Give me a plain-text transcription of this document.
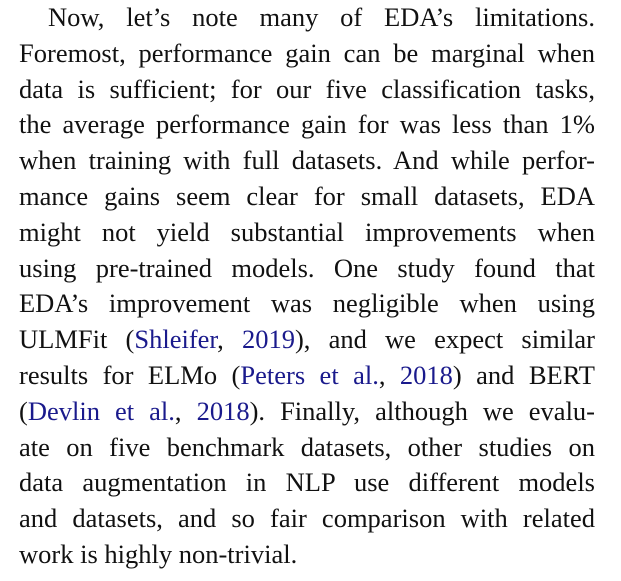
Now, let’s note many of EDA’s limitations.
Foremost, performance gain can be marginal when
data is sufficient; for our five classification tasks,
the average performance gain for was less than 1%
when training with full datasets. And while perfor-
mance gains seem clear for small datasets, EDA
might not yield substantial improvements when
using pre-trained models. One study found that
EDA’s improvement was negligible when using
ULMFit (Shleifer, 2019), and we expect similar
results for ELMo (Peters et al., 2018) and BERT
(Devlin et al., 2018). Finally, although we evalu-
ate on five benchmark datasets, other studies on
data augmentation in NLP use different models
and datasets, and so fair comparison with related
work is highly non-trivial.
